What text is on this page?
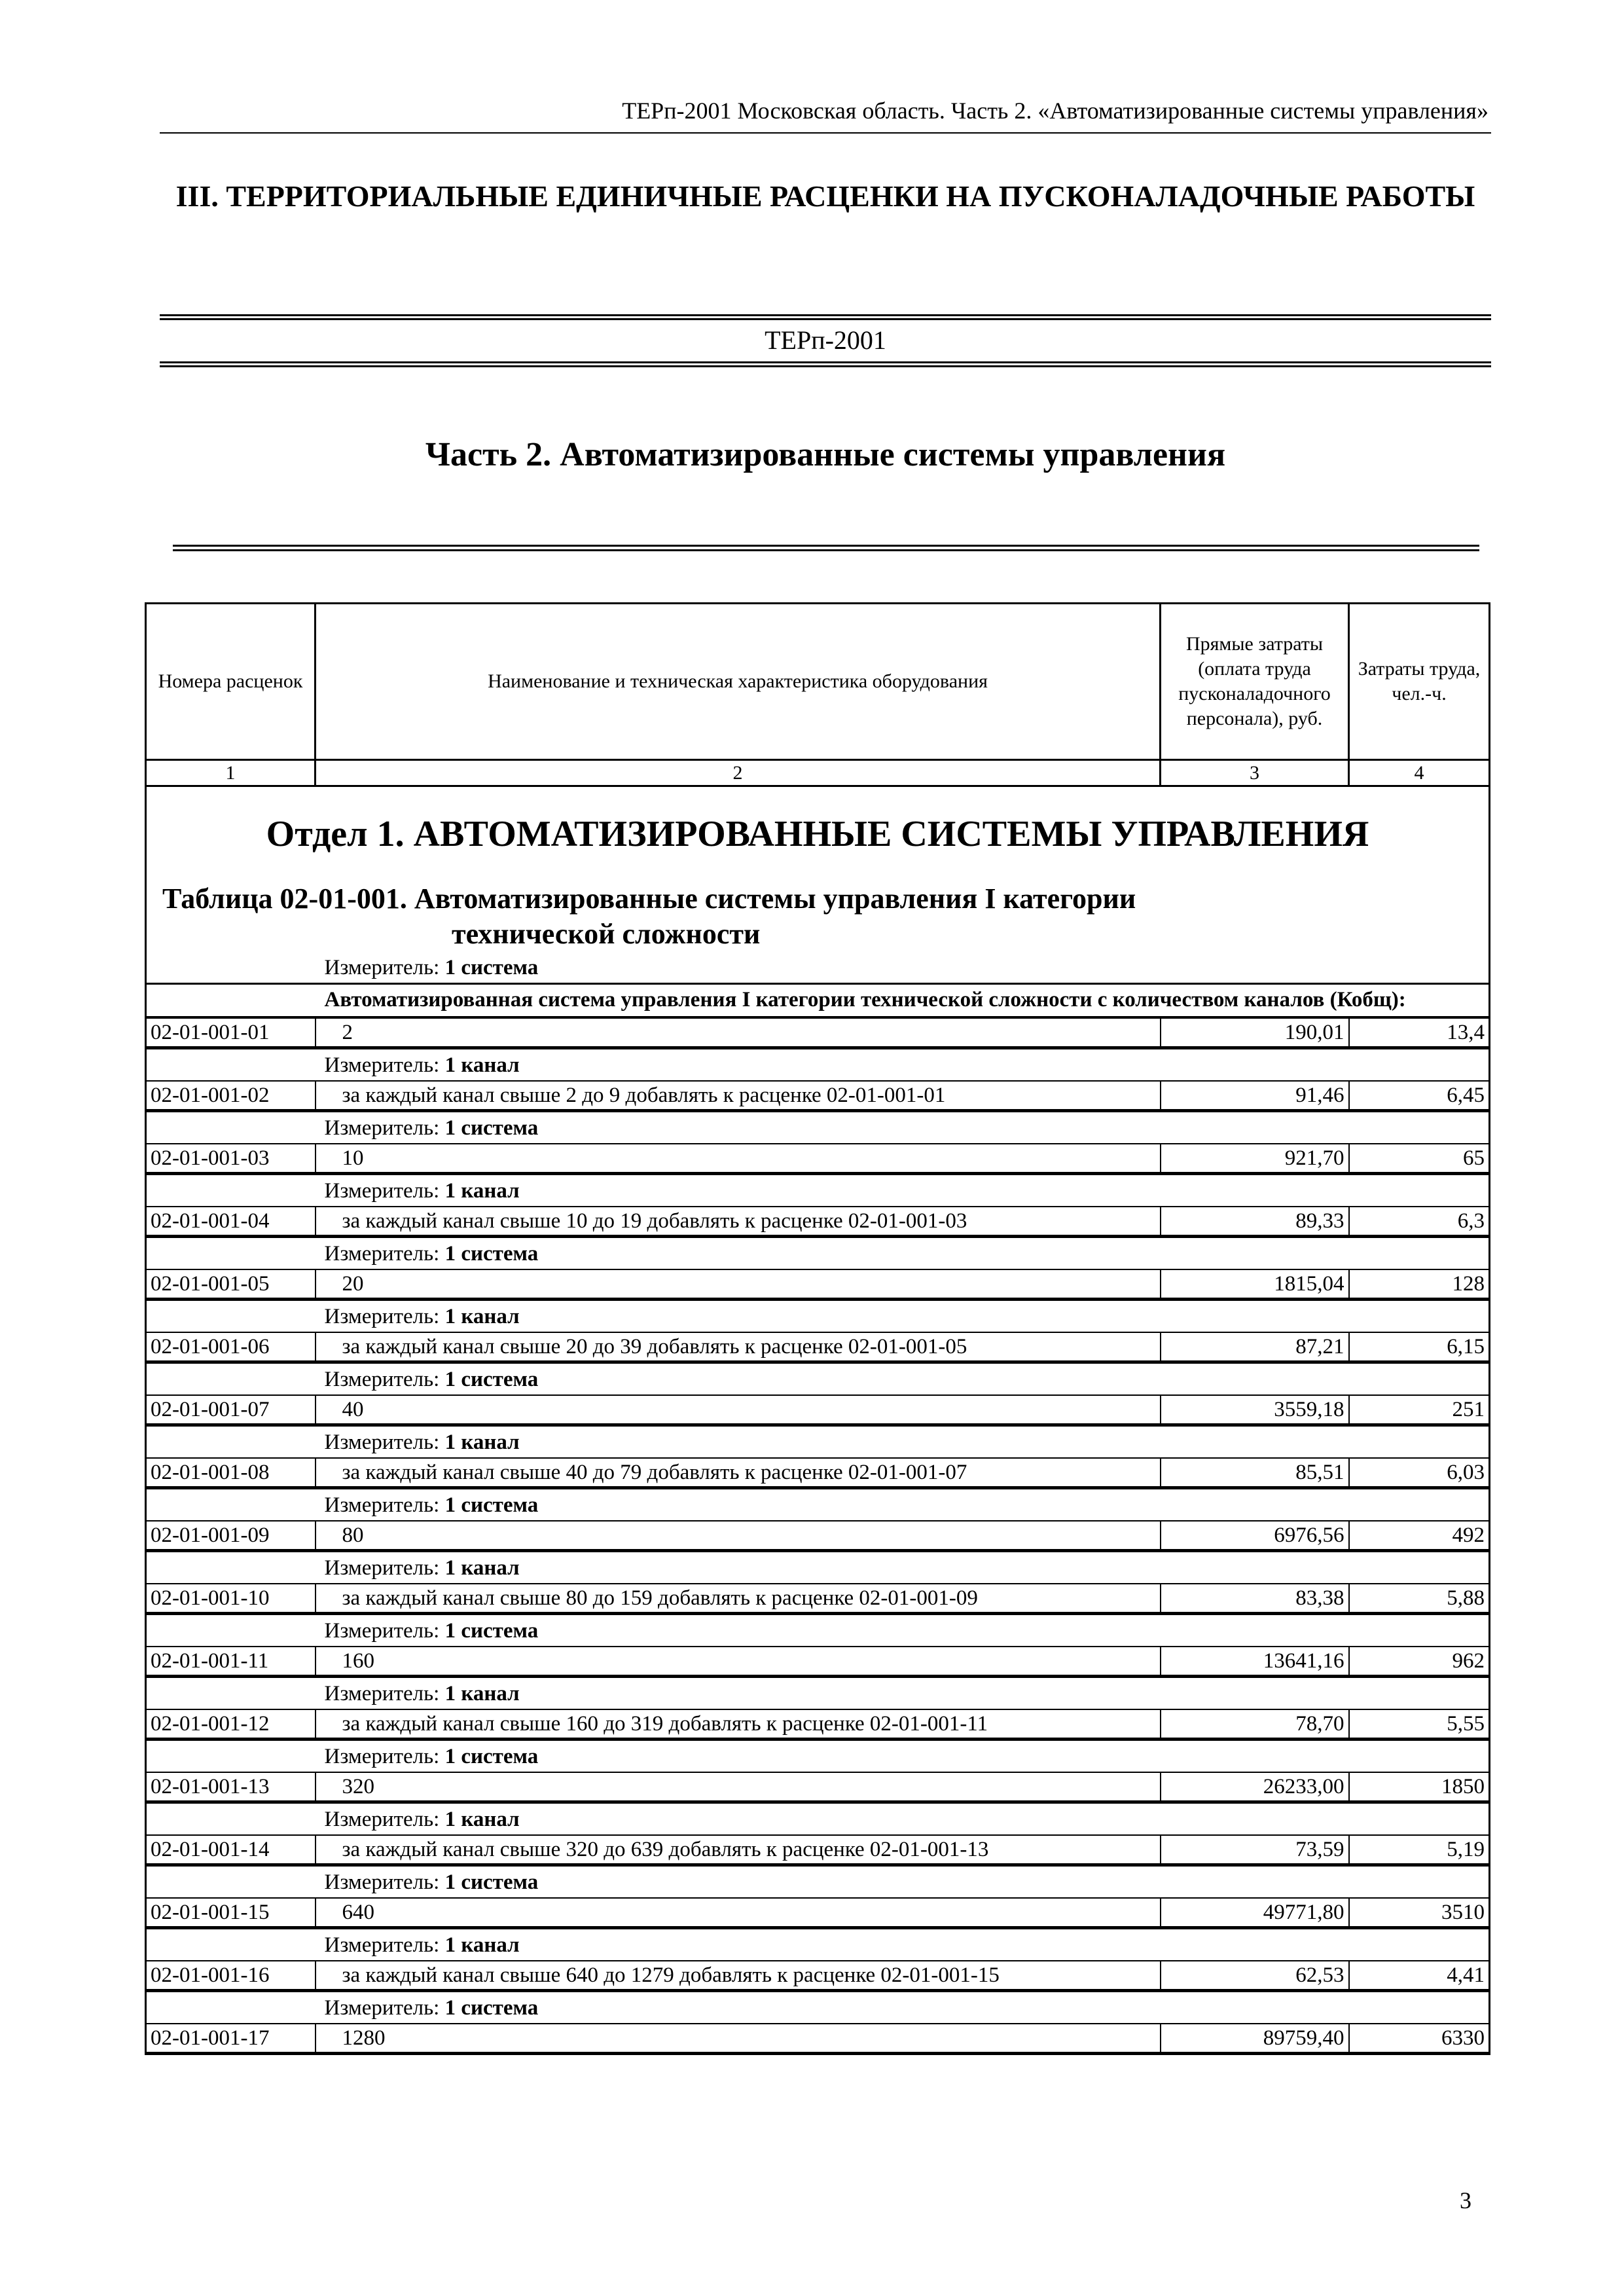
ТЕРп-2001 Московская область. Часть 2. «Автоматизированные системы управления»
III. ТЕРРИТОРИАЛЬНЫЕ ЕДИНИЧНЫЕ РАСЦЕНКИ НА ПУСКОНАЛАДОЧНЫЕ РАБОТЫ
ТЕРп-2001
Часть 2. Автоматизированные системы управления
Номера расценок	Наименование и техническая характеристика оборудования	Прямые затраты (оплата труда пусконаладочного персонала), руб.	Затраты труда, чел.-ч.
1	2	3	4

Отдел 1. АВТОМАТИЗИРОВАННЫЕ СИСТЕМЫ УПРАВЛЕНИЯ
Таблица 02-01-001. Автоматизированные системы управления I категории
технической сложности			

	Измеритель: 1 система		
	Автоматизированная система управления I категории технической сложности с количеством каналов (Кобщ):		
02-01-001-01	2	190,01	13,4
	Измеритель: 1 канал		
02-01-001-02	за каждый канал свыше 2 до 9 добавлять к расценке 02-01-001-01	91,46	6,45
	Измеритель: 1 система		
02-01-001-03	10	921,70	65
	Измеритель: 1 канал		
02-01-001-04	за каждый канал свыше 10 до 19 добавлять к расценке 02-01-001-03	89,33	6,3
	Измеритель: 1 система		
02-01-001-05	20	1815,04	128
	Измеритель: 1 канал		
02-01-001-06	за каждый канал свыше 20 до 39 добавлять к расценке 02-01-001-05	87,21	6,15
	Измеритель: 1 система		
02-01-001-07	40	3559,18	251
	Измеритель: 1 канал		
02-01-001-08	за каждый канал свыше 40 до 79 добавлять к расценке 02-01-001-07	85,51	6,03
	Измеритель: 1 система		
02-01-001-09	80	6976,56	492
	Измеритель: 1 канал		
02-01-001-10	за каждый канал свыше 80 до 159 добавлять к расценке 02-01-001-09	83,38	5,88
	Измеритель: 1 система		
02-01-001-11	160	13641,16	962
	Измеритель: 1 канал		
02-01-001-12	за каждый канал свыше 160 до 319 добавлять к расценке 02-01-001-11	78,70	5,55
	Измеритель: 1 система		
02-01-001-13	320	26233,00	1850
	Измеритель: 1 канал		
02-01-001-14	за каждый канал свыше 320 до 639 добавлять к расценке 02-01-001-13	73,59	5,19
	Измеритель: 1 система		
02-01-001-15	640	49771,80	3510
	Измеритель: 1 канал		
02-01-001-16	за каждый канал свыше 640 до 1279 добавлять к расценке 02-01-001-15	62,53	4,41
	Измеритель: 1 система		
02-01-001-17	1280	89759,40	6330
3
